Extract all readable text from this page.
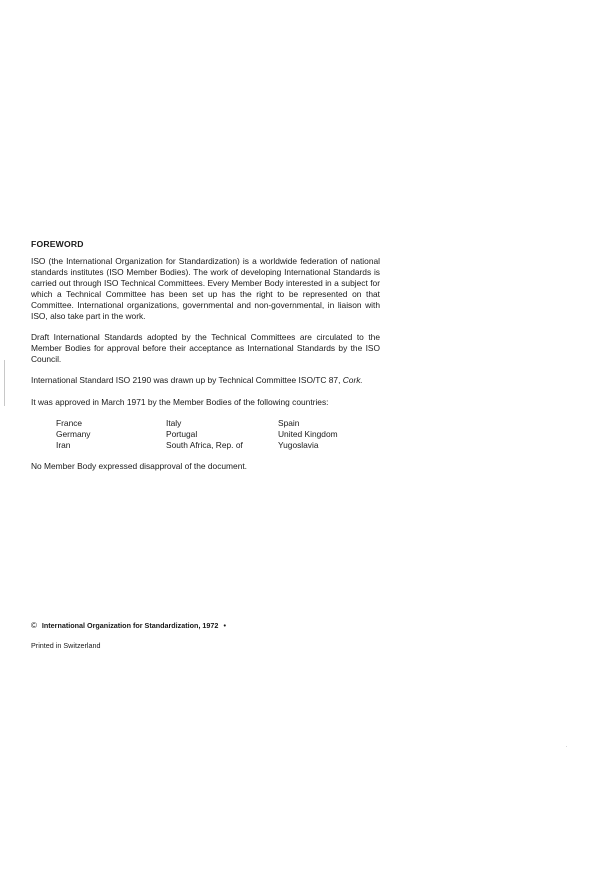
FOREWORD

ISO (the International Organization for Standardization) is a worldwide federation of national standards institutes (ISO Member Bodies). The work of developing International Standards is carried out through ISO Technical Committees. Every Member Body interested in a subject for which a Technical Committee has been set up has the right to be represented on that Committee. International organizations, governmental and non-governmental, in liaison with ISO, also take part in the work.

Draft International Standards adopted by the Technical Committees are circulated to the Member Bodies for approval before their acceptance as International Standards by the ISO Council.

International Standard ISO 2190 was drawn up by Technical Committee ISO/TC 87, Cork.

It was approved in March 1971 by the Member Bodies of the following countries:

France	Italy	Spain
Germany	Portugal	United Kingdom
Iran	South Africa, Rep. of	Yugoslavia

No Member Body expressed disapproval of the document.

© International Organization for Standardization, 1972 •
Printed in Switzerland
